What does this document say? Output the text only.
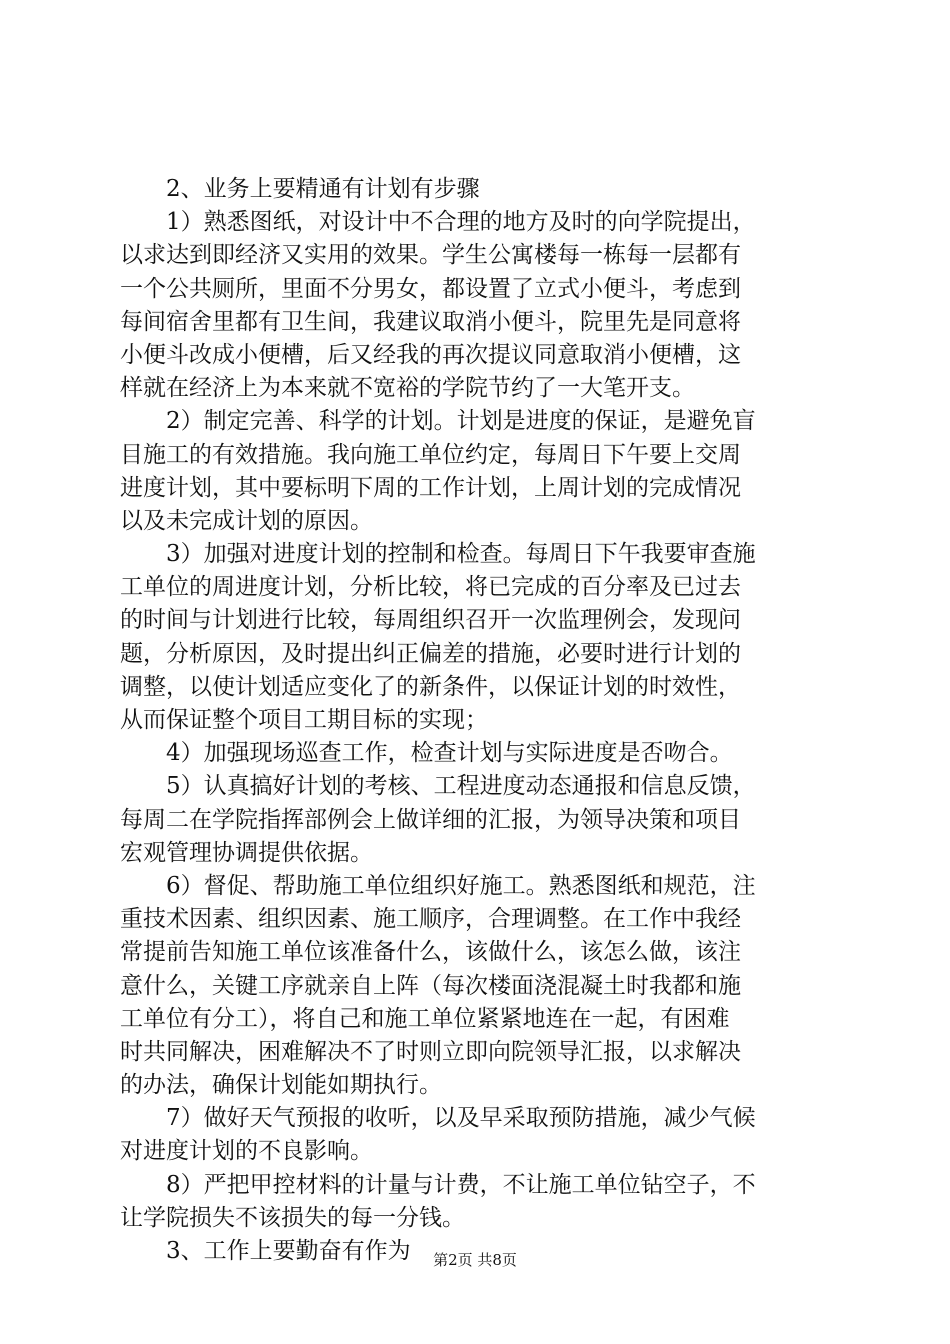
　　2、业务上要精通有计划有步骤
　　1）熟悉图纸，对设计中不合理的地方及时的向学院提出，
以求达到即经济又实用的效果。学生公寓楼每一栋每一层都有
一个公共厕所，里面不分男女，都设置了立式小便斗，考虑到
每间宿舍里都有卫生间，我建议取消小便斗，院里先是同意将
小便斗改成小便槽，后又经我的再次提议同意取消小便槽，这
样就在经济上为本来就不宽裕的学院节约了一大笔开支。
　　2）制定完善、科学的计划。计划是进度的保证，是避免盲
目施工的有效措施。我向施工单位约定，每周日下午要上交周
进度计划，其中要标明下周的工作计划，上周计划的完成情况
以及未完成计划的原因。
　　3）加强对进度计划的控制和检查。每周日下午我要审查施
工单位的周进度计划，分析比较，将已完成的百分率及已过去
的时间与计划进行比较，每周组织召开一次监理例会，发现问
题，分析原因，及时提出纠正偏差的措施，必要时进行计划的
调整，以使计划适应变化了的新条件，以保证计划的时效性，
从而保证整个项目工期目标的实现；
　　4）加强现场巡查工作，检查计划与实际进度是否吻合。
　　5）认真搞好计划的考核、工程进度动态通报和信息反馈，
每周二在学院指挥部例会上做详细的汇报，为领导决策和项目
宏观管理协调提供依据。
　　6）督促、帮助施工单位组织好施工。熟悉图纸和规范，注
重技术因素、组织因素、施工顺序，合理调整。在工作中我经
常提前告知施工单位该准备什么，该做什么，该怎么做，该注
意什么，关键工序就亲自上阵（每次楼面浇混凝土时我都和施
工单位有分工），将自己和施工单位紧紧地连在一起，有困难
时共同解决，困难解决不了时则立即向院领导汇报，以求解决
的办法，确保计划能如期执行。
　　7）做好天气预报的收听，以及早采取预防措施，减少气候
对进度计划的不良影响。
　　8）严把甲控材料的计量与计费，不让施工单位钻空子，不
让学院损失不该损失的每一分钱。
　　3、工作上要勤奋有作为	第2页 共8页
